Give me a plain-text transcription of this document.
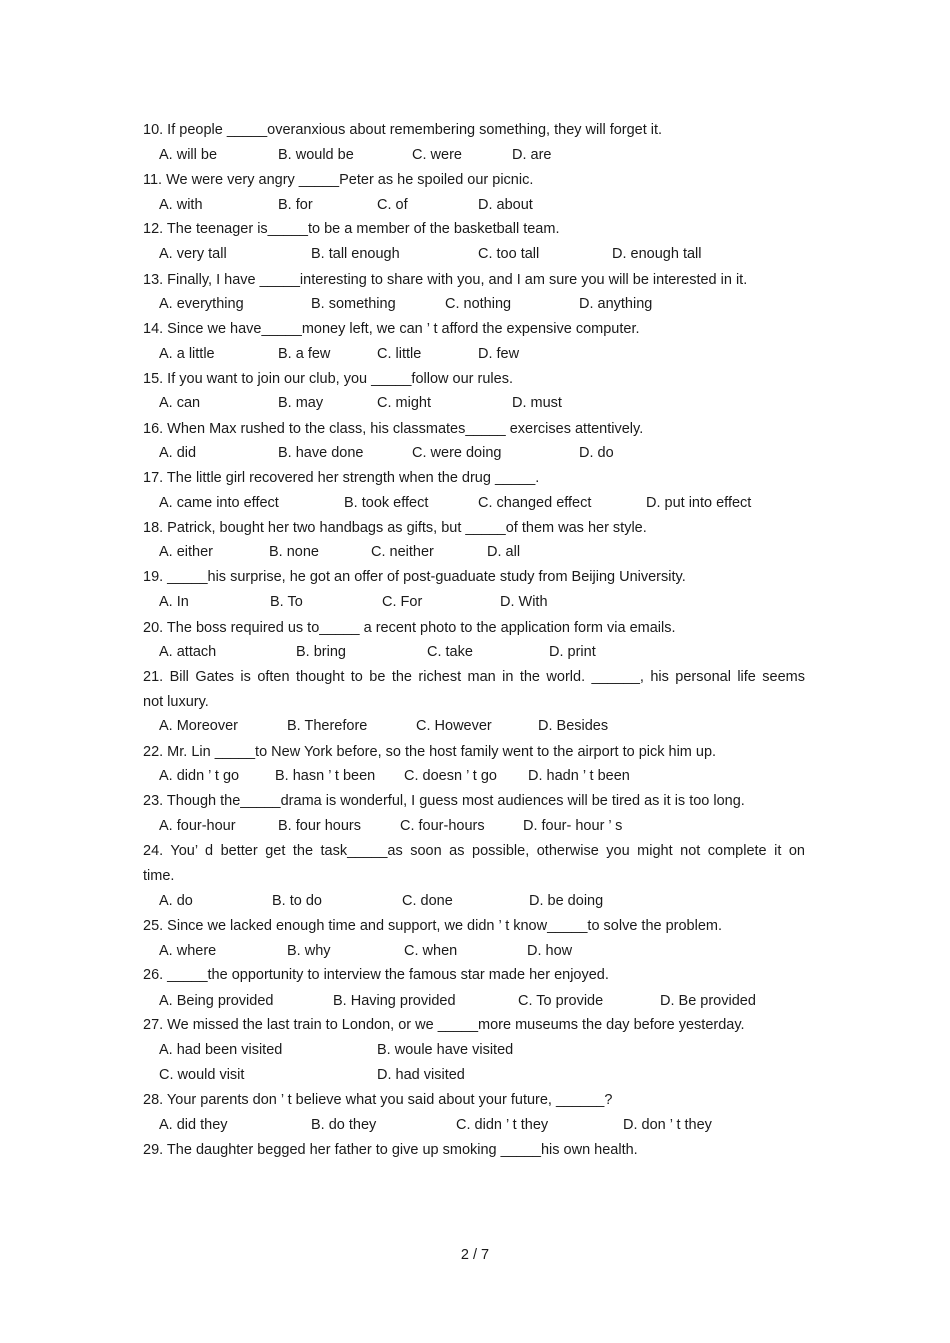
10. If people _____overanxious about remembering something, they will forget it.
A. will be	B. would be	C. were	D. are
11. We were very angry _____Peter as he spoiled our picnic.
A. with	B. for	C. of	D. about
12. The teenager is_____to be a member of the basketball team.
A. very tall	B. tall enough	C. too tall	D. enough tall
13. Finally, I have _____interesting to share with you, and I am sure you will be interested in it.
A. everything	B. something	C. nothing	D. anything
14. Since we have_____money left, we can ’ t afford the expensive computer.
A. a little	B. a few	C. little	D. few
15. If you want to join our club, you _____follow our rules.
A. can	B. may	C. might	D. must
16. When Max rushed to the class, his classmates_____ exercises attentively.
A. did	B. have done	C. were doing	D. do
17. The little girl recovered her strength when the drug _____.
A. came into effect	B. took effect	C. changed effect	D. put into effect
18. Patrick, bought her two handbags as gifts, but _____of them was her style.
A. either	B. none	C. neither	D. all
19. _____his surprise, he got an offer of post-guaduate study from Beijing University.
A. In	B. To	C. For	D. With
20. The boss required us to_____ a recent photo to the application form via emails.
A. attach	B. bring	C. take	D. print
21. Bill Gates is often thought to be the richest man in the world. ______, his personal life seems
not luxury.
A. Moreover	B. Therefore	C. However	D. Besides
22. Mr. Lin _____to New York before, so the host family went to the airport to pick him up.
A. didn ’ t go B. hasn ’ t been C. doesn ’ t go D. hadn ’ t been
23. Though the_____drama is wonderful, I guess most audiences will be tired as it is too long.
A. four-hour	B. four hours	C. four-hours	D. four- hour ’ s
24. You’ d better get the task_____as soon as possible, otherwise you might not complete it on
time.
A. do	B. to do	C. done	D. be doing
25. Since we lacked enough time and support, we didn ’ t know_____to solve the problem.
A. where	B. why	C. when	D. how
26. _____the opportunity to interview the famous star made her enjoyed.
A. Being provided	B. Having provided	C. To provide	D. Be provided
27. We missed the last train to London, or we _____more museums the day before yesterday.
A. had been visited	B. woule have visited
C. would visit	D. had visited
28. Your parents don ’ t believe what you said about your future, ______?
A. did they	B. do they	C. didn ’ t they	D. don ’ t they
29. The daughter begged her father to give up smoking _____his own health.
2 / 7
